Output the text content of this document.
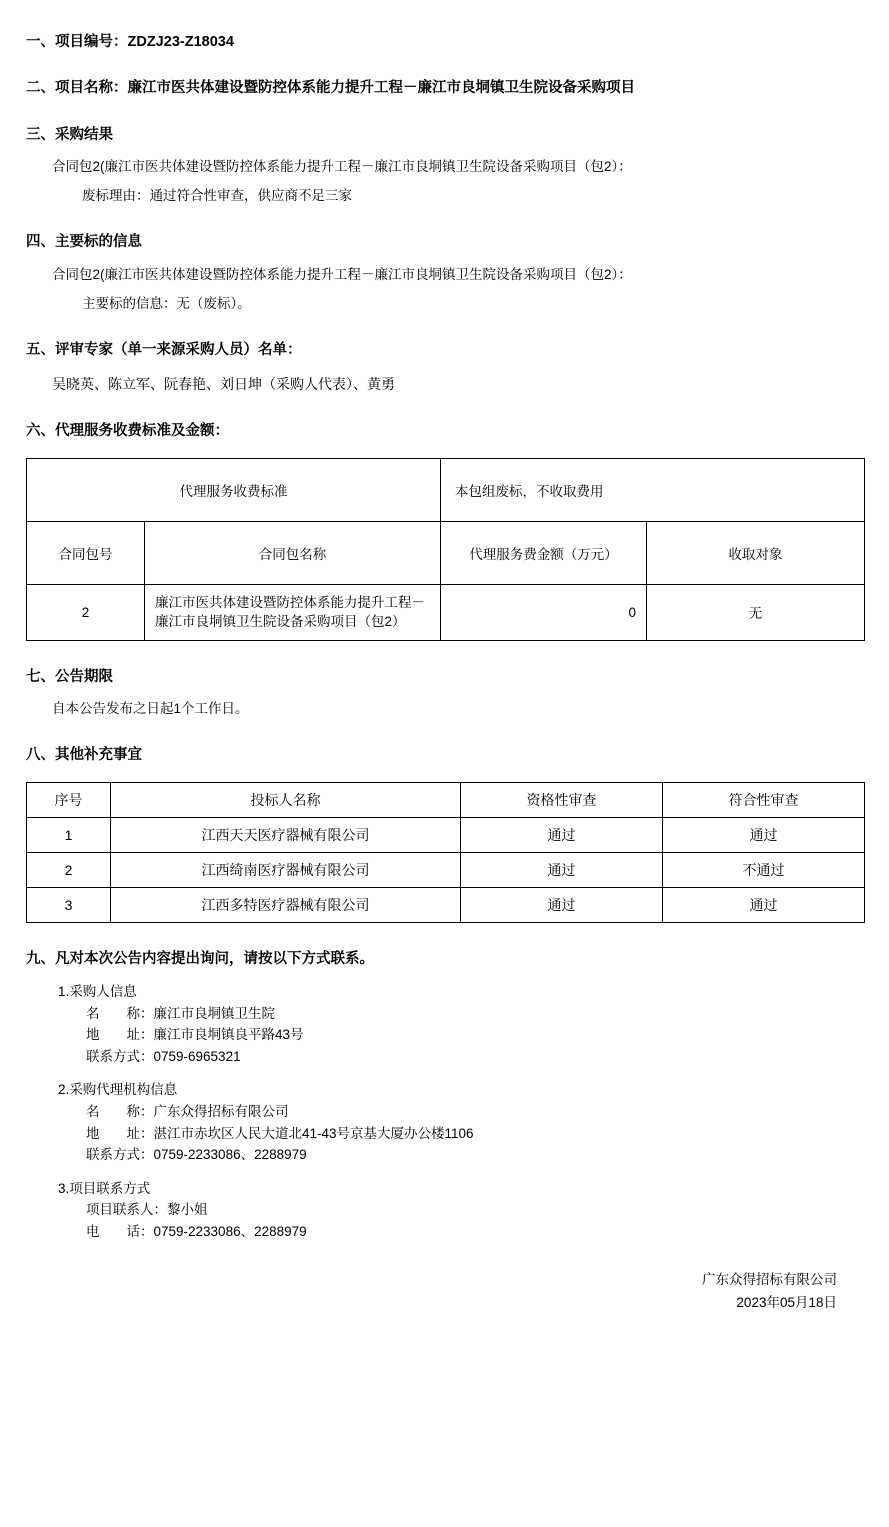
一、项目编号：ZDZJ23-Z18034
二、项目名称：廉江市医共体建设暨防控体系能力提升工程－廉江市良垌镇卫生院设备采购项目
三、采购结果
合同包2(廉江市医共体建设暨防控体系能力提升工程－廉江市良垌镇卫生院设备采购项目（包2）：
废标理由：通过符合性审查，供应商不足三家
四、主要标的信息
合同包2(廉江市医共体建设暨防控体系能力提升工程－廉江市良垌镇卫生院设备采购项目（包2）：
主要标的信息：无（废标）。
五、评审专家（单一来源采购人员）名单：
吴晓英、陈立军、阮春艳、刘日坤（采购人代表）、黄勇
六、代理服务收费标准及金额：
代理服务收费标准		本包组废标，不收取费用	
合同包号	合同包名称	代理服务费金额（万元）	收取对象
2	廉江市医共体建设暨防控体系能力提升工程－廉江市良垌镇卫生院设备采购项目（包2）	0	无
七、公告期限
自本公告发布之日起1个工作日。
八、其他补充事宜
序号	投标人名称	资格性审查	符合性审查
1	江西天天医疗器械有限公司	通过	通过
2	江西绮南医疗器械有限公司	通过	不通过
3	江西多特医疗器械有限公司	通过	通过
九、凡对本次公告内容提出询问，请按以下方式联系。
1.采购人信息
名　　称：廉江市良垌镇卫生院
地　　址：廉江市良垌镇良平路43号
联系方式：0759-6965321
2.采购代理机构信息
名　　称：广东众得招标有限公司
地　　址：湛江市赤坎区人民大道北41-43号京基大厦办公楼1106
联系方式：0759-2233086、2288979
3.项目联系方式
项目联系人：黎小姐
电　　话：0759-2233086、2288979
广东众得招标有限公司
2023年05月18日
